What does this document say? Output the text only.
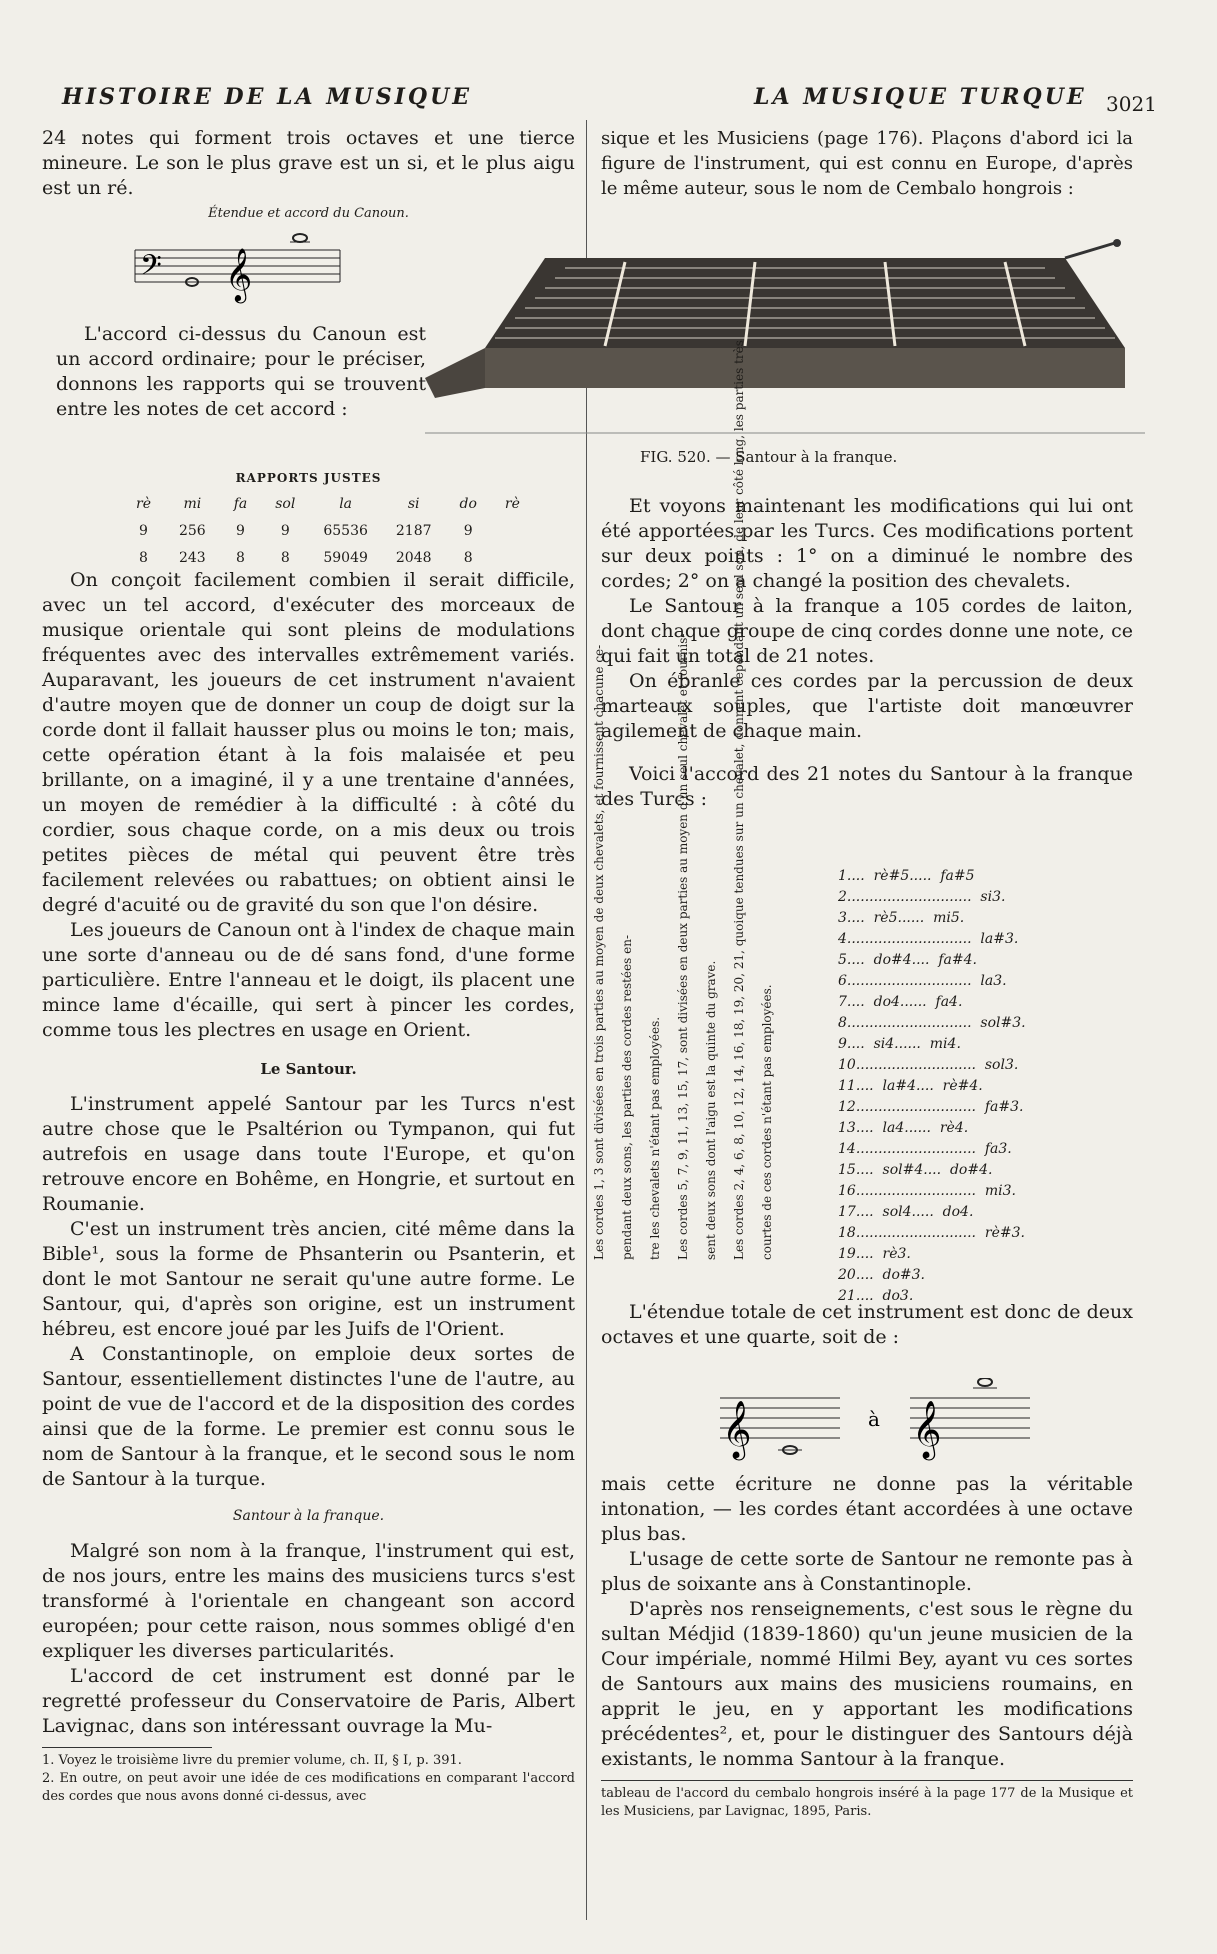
HISTOIRE DE LA MUSIQUE	LA MUSIQUE TURQUE 3021

24 notes qui forment trois octaves et une tierce mineure. Le son le plus grave est un si, et le plus aigu est un ré.

Étendue et accord du Canoun.
𝄢 𝄞

L'accord ci-dessus du Canoun est un accord ordinaire; pour le préciser, donnons les rapports qui se trouvent entre les notes de cet accord :

RAPPORTS JUSTES
rè	mi	fa	sol	la	si	do	rè
9	256	9	9	65536	2187	9	
8	243	8	8	59049	2048	8	

On conçoit facilement combien il serait difficile, avec un tel accord, d'exécuter des morceaux de musique orientale qui sont pleins de modulations fréquentes avec des intervalles extrêmement variés. Auparavant, les joueurs de cet instrument n'avaient d'autre moyen que de donner un coup de doigt sur la corde dont il fallait hausser plus ou moins le ton; mais, cette opération étant à la fois malaisée et peu brillante, on a imaginé, il y a une trentaine d'années, un moyen de remédier à la difficulté : à côté du cordier, sous chaque corde, on a mis deux ou trois petites pièces de métal qui peuvent être très facilement relevées ou rabattues; on obtient ainsi le degré d'acuité ou de gravité du son que l'on désire.

Les joueurs de Canoun ont à l'index de chaque main une sorte d'anneau ou de dé sans fond, d'une forme particulière. Entre l'anneau et le doigt, ils placent une mince lame d'écaille, qui sert à pincer les cordes, comme tous les plectres en usage en Orient.

Le Santour.

L'instrument appelé Santour par les Turcs n'est autre chose que le Psaltérion ou Tympanon, qui fut autrefois en usage dans toute l'Europe, et qu'on retrouve encore en Bohême, en Hongrie, et surtout en Roumanie.

C'est un instrument très ancien, cité même dans la Bible¹, sous la forme de Phsanterin ou Psanterin, et dont le mot Santour ne serait qu'une autre forme. Le Santour, qui, d'après son origine, est un instrument hébreu, est encore joué par les Juifs de l'Orient.

A Constantinople, on emploie deux sortes de Santour, essentiellement distinctes l'une de l'autre, au point de vue de l'accord et de la disposition des cordes ainsi que de la forme. Le premier est connu sous le nom de Santour à la franque, et le second sous le nom de Santour à la turque.

Santour à la franque.

Malgré son nom à la franque, l'instrument qui est, de nos jours, entre les mains des musiciens turcs s'est transformé à l'orientale en changeant son accord européen; pour cette raison, nous sommes obligé d'en expliquer les diverses particularités.

L'accord de cet instrument est donné par le regretté professeur du Conservatoire de Paris, Albert Lavignac, dans son intéressant ouvrage la Mu-

1. Voyez le troisième livre du premier volume, ch. II, § I, p. 391.
2. En outre, on peut avoir une idée de ces modifications en comparant l'accord des cordes que nous avons donné ci-dessus, avec

sique et les Musiciens (page 176). Plaçons d'abord ici la figure de l'instrument, qui est connu en Europe, d'après le même auteur, sous le nom de Cembalo hongrois :

FIG. 520. — Santour à la franque.

Et voyons maintenant les modifications qui lui ont été apportées par les Turcs. Ces modifications portent sur deux points : 1° on a diminué le nombre des cordes; 2° on a changé la position des chevalets.

Le Santour à la franque a 105 cordes de laiton, dont chaque groupe de cinq cordes donne une note, ce qui fait un total de 21 notes.

On ébranle ces cordes par la percussion de deux marteaux souples, que l'artiste doit manœuvrer agilement de chaque main.

Voici l'accord des 21 notes du Santour à la franque des Turcs :

Les cordes 1, 3 sont divisées en trois parties au moyen de deux chevalets, et fournissent chacune ce- pendant deux sons, les parties des cordes restées en- tre les chevalets n'étant pas employées. Les cordes 5, 7, 9, 11, 13, 15, 17, sont divisées en deux parties au moyen d'un seul chevalet et fournis- sent deux sons dont l'aigu est la quinte du grave. Les cordes 2, 4, 6, 8, 10, 12, 14, 16, 18, 19, 20, 21, quoique tendues sur un chevalet, donnent cependant un seul son, de leur côté long, les parties très courtes de ces cordes n'étant pas employées.
1....  rè#5.....  fa#5
2............................  si3.
3....  rè5......  mi5.
4............................  la#3.
5....  do#4....  fa#4.
6............................  la3.
7....  do4......  fa4.
8............................  sol#3.
9....  si4......  mi4.
10...........................  sol3.
11....  la#4....  rè#4.
12...........................  fa#3.
13....  la4......  rè4.
14...........................  fa3.
15....  sol#4....  do#4.
16...........................  mi3.
17....  sol4.....  do4.
18...........................  rè#3.
19....  rè3.
20....  do#3.
21....  do3.

L'étendue totale de cet instrument est donc de deux octaves et une quarte, soit de :

𝄞	à 𝄞

mais cette écriture ne donne pas la véritable intonation, — les cordes étant accordées à une octave plus bas.

L'usage de cette sorte de Santour ne remonte pas à plus de soixante ans à Constantinople.

D'après nos renseignements, c'est sous le règne du sultan Médjid (1839-1860) qu'un jeune musicien de la Cour impériale, nommé Hilmi Bey, ayant vu ces sortes de Santours aux mains des musiciens roumains, en apprit le jeu, en y apportant les modifications précédentes², et, pour le distinguer des Santours déjà existants, le nomma Santour à la franque.

tableau de l'accord du cembalo hongrois inséré à la page 177 de la Musique et les Musiciens, par Lavignac, 1895, Paris.
